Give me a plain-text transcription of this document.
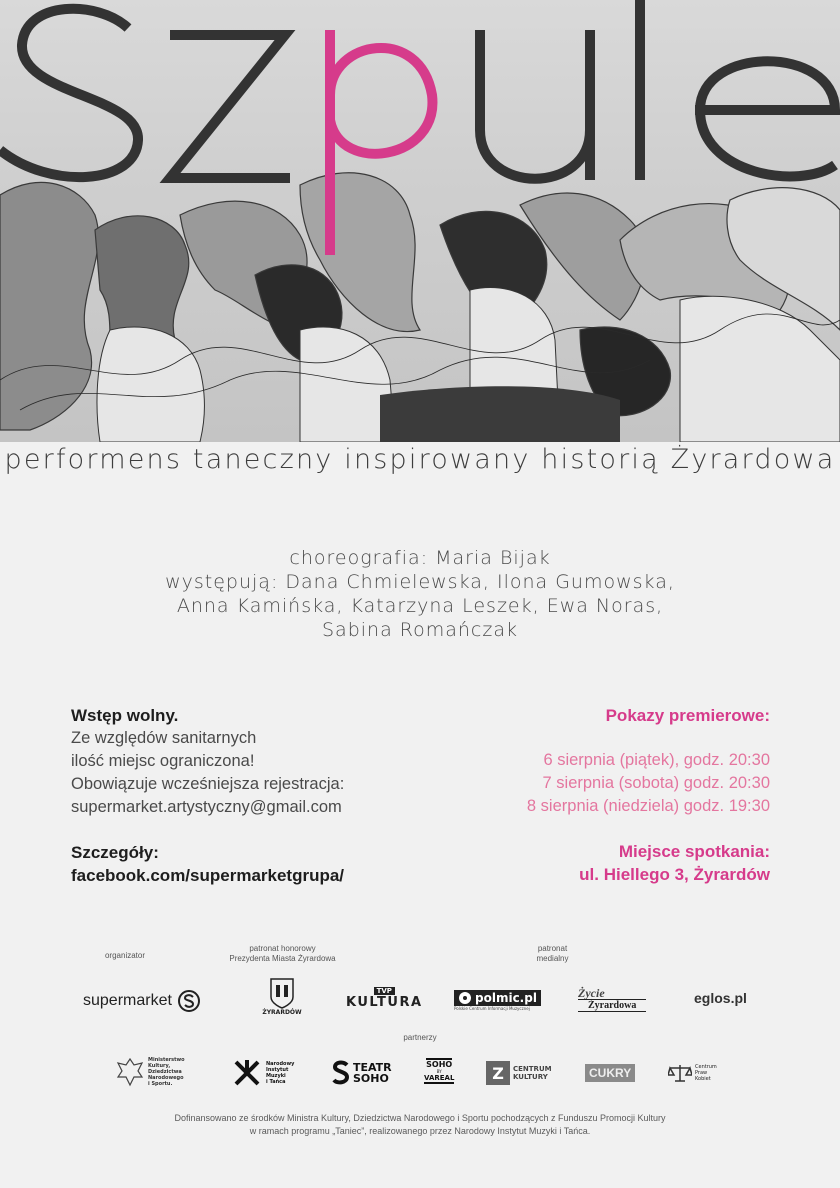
performens taneczny inspirowany historią Żyrardowa
choreografia: Maria Bijak
występują: Dana Chmielewska, Ilona Gumowska,
Anna Kamińska, Katarzyna Leszek, Ewa Noras,
Sabina Romańczak
Wstęp wolny.
Ze względów sanitarnych
ilość miejsc ograniczona!
Obowiązuje wcześniejsza rejestracja:
supermarket.artystyczny@gmail.com
Szczegóły:
facebook.com/supermarketgrupa/
Pokazy premierowe:
6 sierpnia (piątek), godz. 20:30
7 sierpnia (sobota) godz. 20:30
8 sierpnia (niedziela) godz. 19:30
Miejsce spotkania:
ul. Hiellego 3, Żyrardów
organizator
patronat honorowy
Prezydenta Miasta Żyrardowa
patronat
medialny
partnerzy
supermarket
ŻYRARDÓW
TVP
KULTURA	polmic.pl
Polskie Centrum Informacji Muzycznej
Życie
Żyrardowa	eglos.pl
Ministerstwo
Kultury,
Dziedzictwa
Narodowego
i Sportu.
Narodowy
Instytut
Muzyki
i Tańca
TEATR
SOHO
SOHO
BY
VAREAL	Z	CENTRUM
KULTURY	CUKRY	Centrum
Praw
Kobiet
Dofinansowano ze środków Ministra Kultury, Dziedzictwa Narodowego i Sportu pochodzących z Funduszu Promocji Kultury
w ramach programu „Taniec”, realizowanego przez Narodowy Instytut Muzyki i Tańca.
